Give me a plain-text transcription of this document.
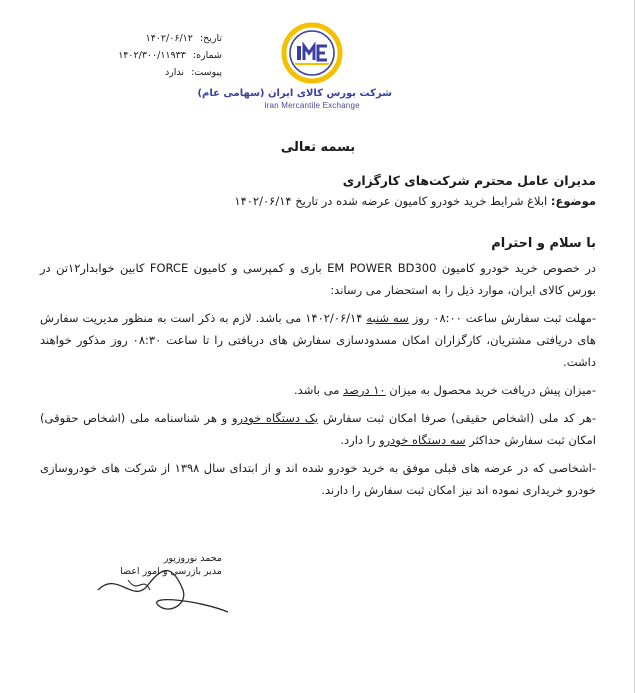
تاریخ: ۱۴۰۲/۰۶/۱۲
شماره: ۱۴۰۲/۳۰۰/۱۱۹۳۳
پیوست: ندارد
شرکت بورس کالای ایران (سهامی عام)
Iran Mercantile Exchange
بسمه تعالی
مدیران عامل محترم شرکت‌های کارگزاری
موضوع: ابلاغ شرایط خرید خودرو کامیون عرضه شده در تاریخ ۱۴۰۲/۰۶/۱۴
با سلام و احترام

در خصوص خرید خودرو کامیون EM POWER BD300 باری و کمپرسی و کامیون FORCE کابین خوابدار۱۲تن در بورس کالای ایران، موارد ذیل را به استحضار می رساند:

-مهلت ثبت سفارش ساعت ۰۸:۰۰ روز سه شنبه ۱۴۰۲/۰۶/۱۴ می باشد. لازم به ذکر است به منظور مدیریت سفارش های دریافتی مشتریان، کارگزاران امکان مسدودسازی سفارش های دریافتی را تا ساعت ۰۸:۳۰ روز مذکور خواهند داشت.

-میزان پیش دریافت خرید محصول به میزان ۱۰ درصد می باشد.

-هر کد ملی (اشخاص حقیقی) صرفا امکان ثبت سفارش یک دستگاه خودرو و هر شناسنامه ملی (اشخاص حقوقی) امکان ثبت سفارش حداکثر سه دستگاه خودرو را دارد.

-اشخاصی که در عرضه های قبلی موفق به خرید خودرو شده اند و از ابتدای سال ۱۳۹۸ از شرکت های خودروسازی خودرو خریداری نموده اند نیز امکان ثبت سفارش را دارند.

محمد نوروزپور
مدیر بازرسی و امور اعضا
